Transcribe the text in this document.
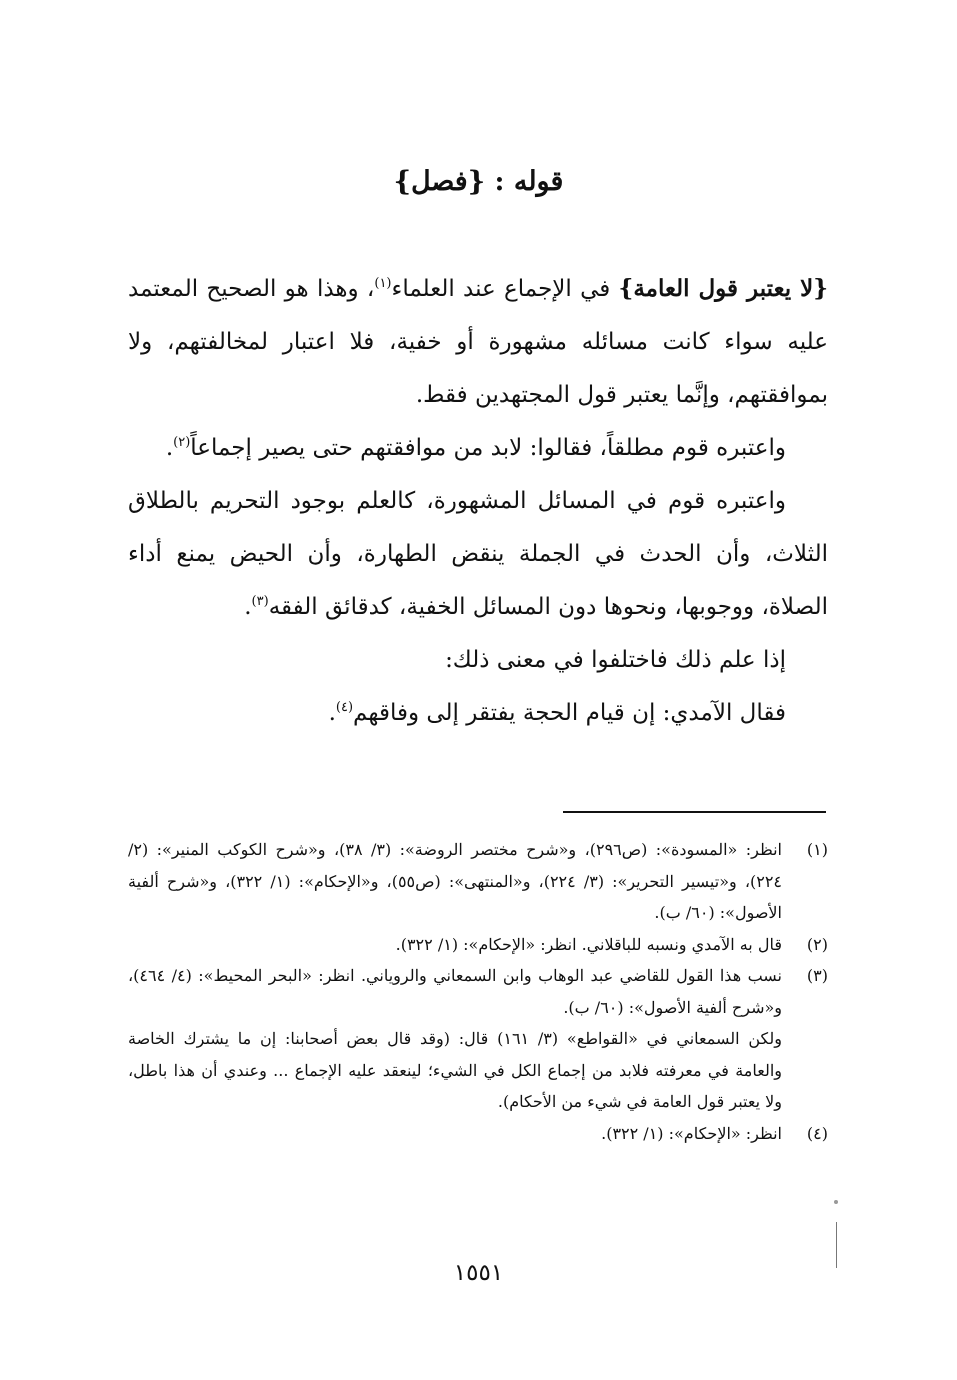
قوله : {فصل}

{لا يعتبر قول العامة} في الإجماع عند العلماء$^{(١)}$، وهذا هو الصحيح المعتمد عليه سواء كانت مسائله مشهورة أو خفية، فلا اعتبار لمخالفتهم، ولا بموافقتهم، وإنَّما يعتبر قول المجتهدين فقط.

واعتبره قوم مطلقاً، فقالوا: لابد من موافقتهم حتى يصير إجماعاً$^{(٢)}$.

واعتبره قوم في المسائل المشهورة، كالعلم بوجود التحريم بالطلاق الثلاث، وأن الحدث في الجملة ينقض الطهارة، وأن الحيض يمنع أداء الصلاة، ووجوبها، ونحوها دون المسائل الخفية، كدقائق الفقه$^{(٣)}$.

إذا علم ذلك فاختلفوا في معنى ذلك:

فقال الآمدي: إن قيام الحجة يفتقر إلى وفاقهم$^{(٤)}$.

(١)
انظر: «المسودة»: (ص٢٩٦)، و«شرح مختصر الروضة»: (٣/ ٣٨)، و«شرح الكوكب المنير»: (٢/ ٢٢٤)، و«تيسير التحرير»: (٣/ ٢٢٤)، و«المنتهى»: (ص٥٥)، و«الإحكام»: (١/ ٣٢٢)، و«شرح ألفية الأصول»: (٦٠/ ب).

(٢)
قال به الآمدي ونسبه للباقلاني. انظر: «الإحكام»: (١/ ٣٢٢).

(٣)
نسب هذا القول للقاضي عبد الوهاب وابن السمعاني والروياني. انظر: «البحر المحيط»: (٤/ ٤٦٤)، و«شرح ألفية الأصول»: (٦٠/ ب).

ولكن السمعاني في «القواطع» (٣/ ١٦١) قال: (وقد قال بعض أصحابنا: إن ما يشترك الخاصة والعامة في معرفته فلابد من إجماع الكل في الشيء؛ لينعقد عليه الإجماع ... وعندي أن هذا باطل، ولا يعتبر قول العامة في شيء من الأحكام).

(٤)
انظر: «الإحكام»: (١/ ٣٢٢).

١٥٥١
